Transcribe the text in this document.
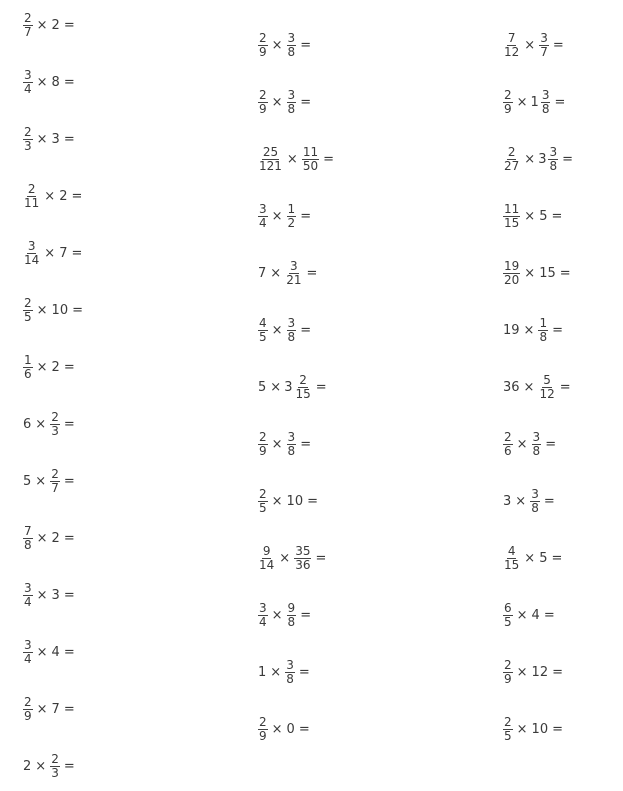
$\frac{2}{7} \times 2$ =
$\frac{3}{4} \times 8$ =
$\frac{2}{3} \times 3$ =
$\frac{2}{11} \times 2$ =
$\frac{3}{14} \times 7$ =
$\frac{2}{5} \times 10$ =
$\frac{1}{6} \times 2$ =
$6 \times \frac{2}{3}$ =
$5 \times \frac{2}{7}$ =
$\frac{7}{8} \times 2$ =
$\frac{3}{4} \times 3$ =
$\frac{3}{4} \times 4$ =
$\frac{2}{9} \times 7$ =
$2 \times \frac{2}{3}$ =
$\frac{2}{9} \times \frac{3}{8}$ =
$\frac{2}{9} \times \frac{3}{8}$ =
$\frac{25}{121} \times \frac{11}{50}$ =
$\frac{3}{4} \times \frac{1}{2}$ =
$7 \times \frac{3}{21}$ =
$\frac{4}{5} \times \frac{3}{8}$ =
$5 \times 3 \frac{2}{15}$ =
$\frac{2}{9} \times \frac{3}{8}$ =
$\frac{2}{5} \times 10$ =
$\frac{9}{14} \times \frac{35}{36}$ =
$\frac{3}{4} \times \frac{9}{8}$ =
$1 \times \frac{3}{8}$ =
$\frac{2}{9} \times 0$ =
$\frac{7}{12} \times \frac{3}{7}$ =
$\frac{2}{9} \times 1 \frac{3}{8}$ =
$\frac{2}{27} \times 3 \frac{3}{8}$ =
$\frac{11}{15} \times 5$ =
$\frac{19}{20} \times 15$ =
$19 \times \frac{1}{8}$ =
$36 \times \frac{5}{12}$ =
$\frac{2}{6} \times \frac{3}{8}$ =
$3 \times \frac{3}{8}$ =
$\frac{4}{15} \times 5$ =
$\frac{6}{5} \times 4$ =
$\frac{2}{9} \times 12$ =
$\frac{2}{5} \times 10$ =
